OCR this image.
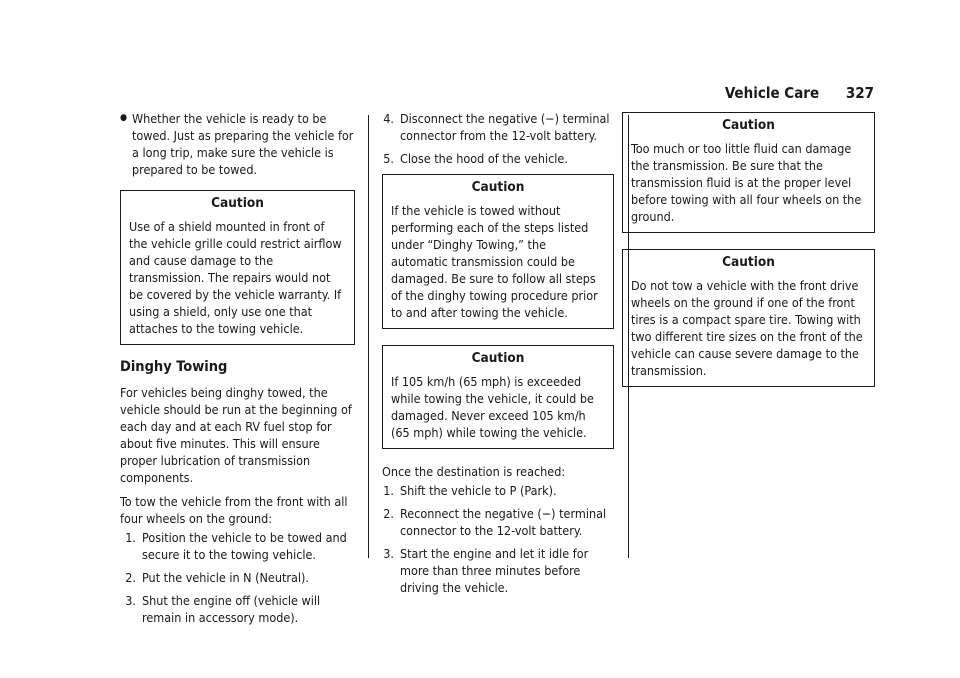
Vehicle Care 327
● Whether the vehicle is ready to be towed. Just as preparing the vehicle for a long trip, make sure the vehicle is prepared to be towed.
Caution
Use of a shield mounted in front of the vehicle grille could restrict airflow and cause damage to the transmission. The repairs would not be covered by the vehicle warranty. If using a shield, only use one that attaches to the towing vehicle.
Dinghy Towing

For vehicles being dinghy towed, the vehicle should be run at the beginning of each day and at each RV fuel stop for about five minutes. This will ensure proper lubrication of transmission components.

To tow the vehicle from the front with all four wheels on the ground:

1. Position the vehicle to be towed and secure it to the towing vehicle.
2. Put the vehicle in N (Neutral).
3. Shut the engine off (vehicle will remain in accessory mode).
4. Disconnect the negative (−) terminal connector from the 12-volt battery.
5. Close the hood of the vehicle.
Caution
If the vehicle is towed without performing each of the steps listed under “Dinghy Towing,” the automatic transmission could be damaged. Be sure to follow all steps of the dinghy towing procedure prior to and after towing the vehicle.
Caution
If 105 km/h (65 mph) is exceeded while towing the vehicle, it could be damaged. Never exceed 105 km/h (65 mph) while towing the vehicle.

Once the destination is reached:

1. Shift the vehicle to P (Park).
2. Reconnect the negative (−) terminal connector to the 12-volt battery.
3. Start the engine and let it idle for more than three minutes before driving the vehicle.
Caution
Too much or too little fluid can damage the transmission. Be sure that the transmission fluid is at the proper level before towing with all four wheels on the ground.
Caution
Do not tow a vehicle with the front drive wheels on the ground if one of the front tires is a compact spare tire. Towing with two different tire sizes on the front of the vehicle can cause severe damage to the transmission.
